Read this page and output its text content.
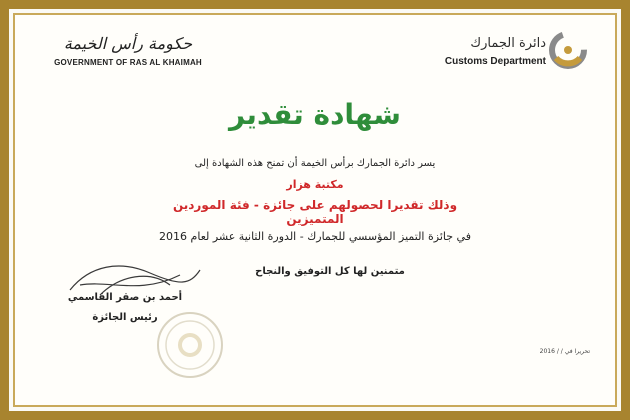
حكومة رأس الخيمة
GOVERNMENT OF RAS AL KHAIMAH
دائرة الجمارك
Customs Department
شهادة تقدير
يسر دائرة الجمارك برأس الخيمة أن تمنح هذه الشهادة إلى
مكتبة هزار
وذلك تقديرا لحصولهم على جائزة - فئة الموردين المتميزين
في جائزة التميز المؤسسي للجمارك - الدورة الثانية عشر لعام 2016
متمنين لها كل التوفيق والنجاح
أحمد بن صقر القاسمي
رئيس الجائزة
تحريرا في / / 2016
